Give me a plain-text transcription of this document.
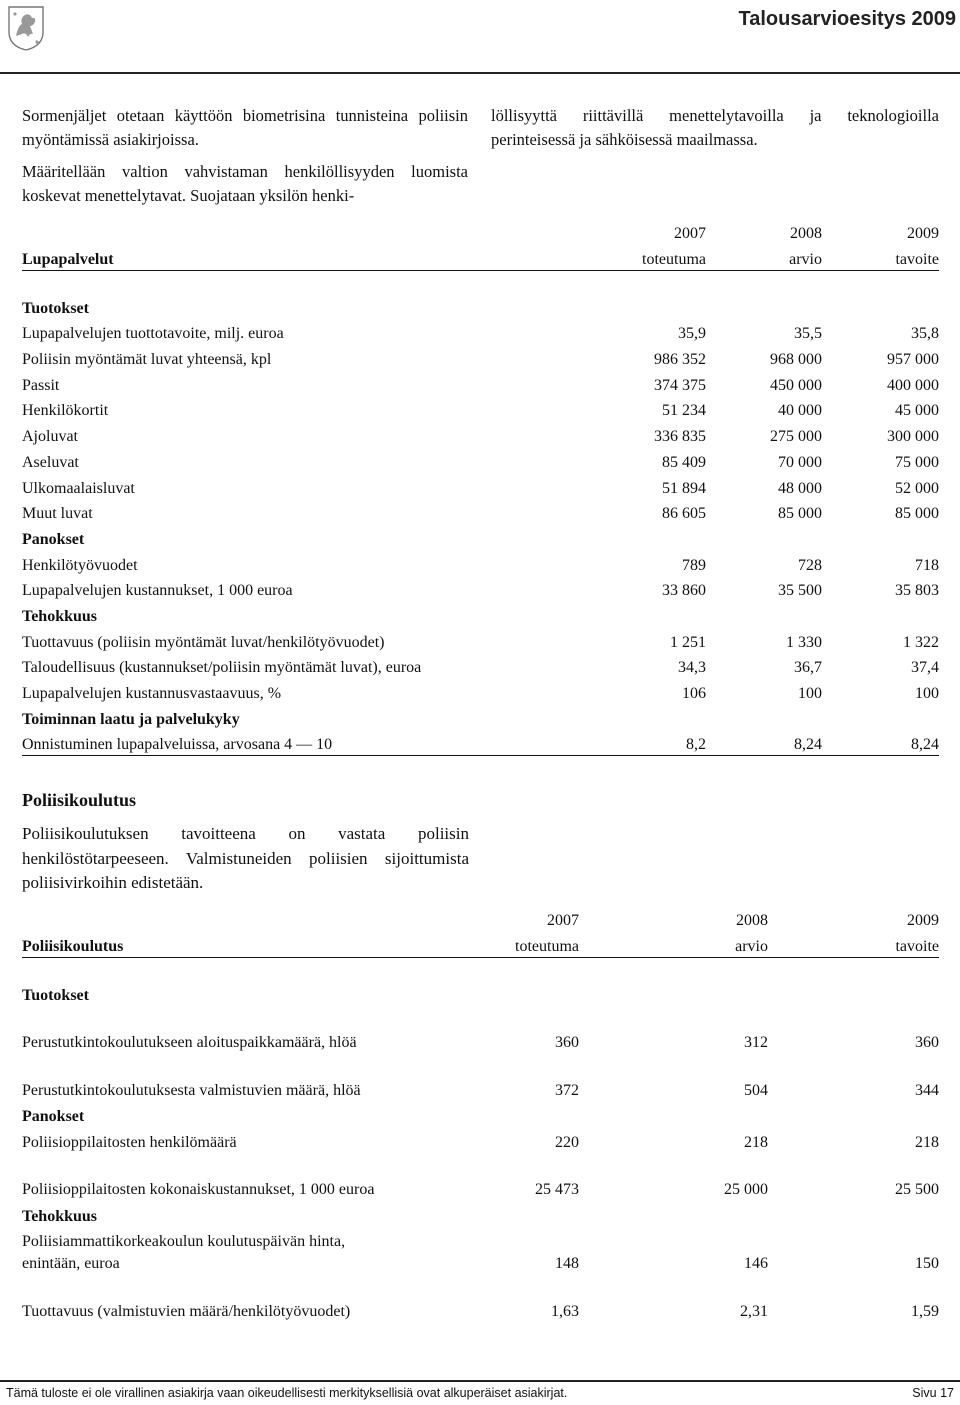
Talousarvioesitys 2009

Sormenjäljet otetaan käyttöön biometrisina tunnisteina poliisin myöntämissä asiakirjoissa.

Määritellään valtion vahvistaman henkilöllisyyden luomista koskevat menettelytavat. Suojataan yksilön henki-

löllisyyttä riittävillä menettelytavoilla ja teknologioilla perinteisessä ja sähköisessä maailmassa.

	2007	2008	2009
Lupapalvelut	toteutuma	arvio	tavoite

Tuotokset			
Lupapalvelujen tuottotavoite, milj. euroa	35,9	35,5	35,8
Poliisin myöntämät luvat yhteensä, kpl	986 352	968 000	957 000
Passit	374 375	450 000	400 000
Henkilökortit	51 234	40 000	45 000
Ajoluvat	336 835	275 000	300 000
Aseluvat	85 409	70 000	75 000
Ulkomaalaisluvat	51 894	48 000	52 000
Muut luvat	86 605	85 000	85 000
Panokset			
Henkilötyövuodet	789	728	718
Lupapalvelujen kustannukset, 1 000 euroa	33 860	35 500	35 803
Tehokkuus			
Tuottavuus (poliisin myöntämät luvat/henkilötyövuodet)	1 251	1 330	1 322
Taloudellisuus (kustannukset/poliisin myöntämät luvat), euroa	34,3	36,7	37,4
Lupapalvelujen kustannusvastaavuus, %	106	100	100
Toiminnan laatu ja palvelukyky			
Onnistuminen lupapalveluissa, arvosana 4 — 10	8,2	8,24	8,24
Poliisikoulutus
Poliisikoulutuksen tavoitteena on vastata poliisin henkilöstötarpeeseen. Valmistuneiden poliisien sijoittumista poliisivirkoihin edistetään.
	2007	2008	2009
Poliisikoulutus	toteutuma	arvio	tavoite

Tuotokset			
Perustutkintokoulutukseen aloituspaikkamäärä, hlöä	360	312	360
Perustutkintokoulutuksesta valmistuvien määrä, hlöä	372	504	344
Panokset			
Poliisioppilaitosten henkilömäärä	220	218	218
Poliisioppilaitosten kokonaiskustannukset, 1 000 euroa	25 473	25 000	25 500
Tehokkuus			
Poliisiammattikorkeakoulun koulutuspäivän hinta, enintään, euroa	148	146	150
Tuottavuus (valmistuvien määrä/henkilötyövuodet)	1,63	2,31	1,59
Tämä tuloste ei ole virallinen asiakirja vaan oikeudellisesti merkityksellisiä ovat alkuperäiset asiakirjat.	Sivu 17
